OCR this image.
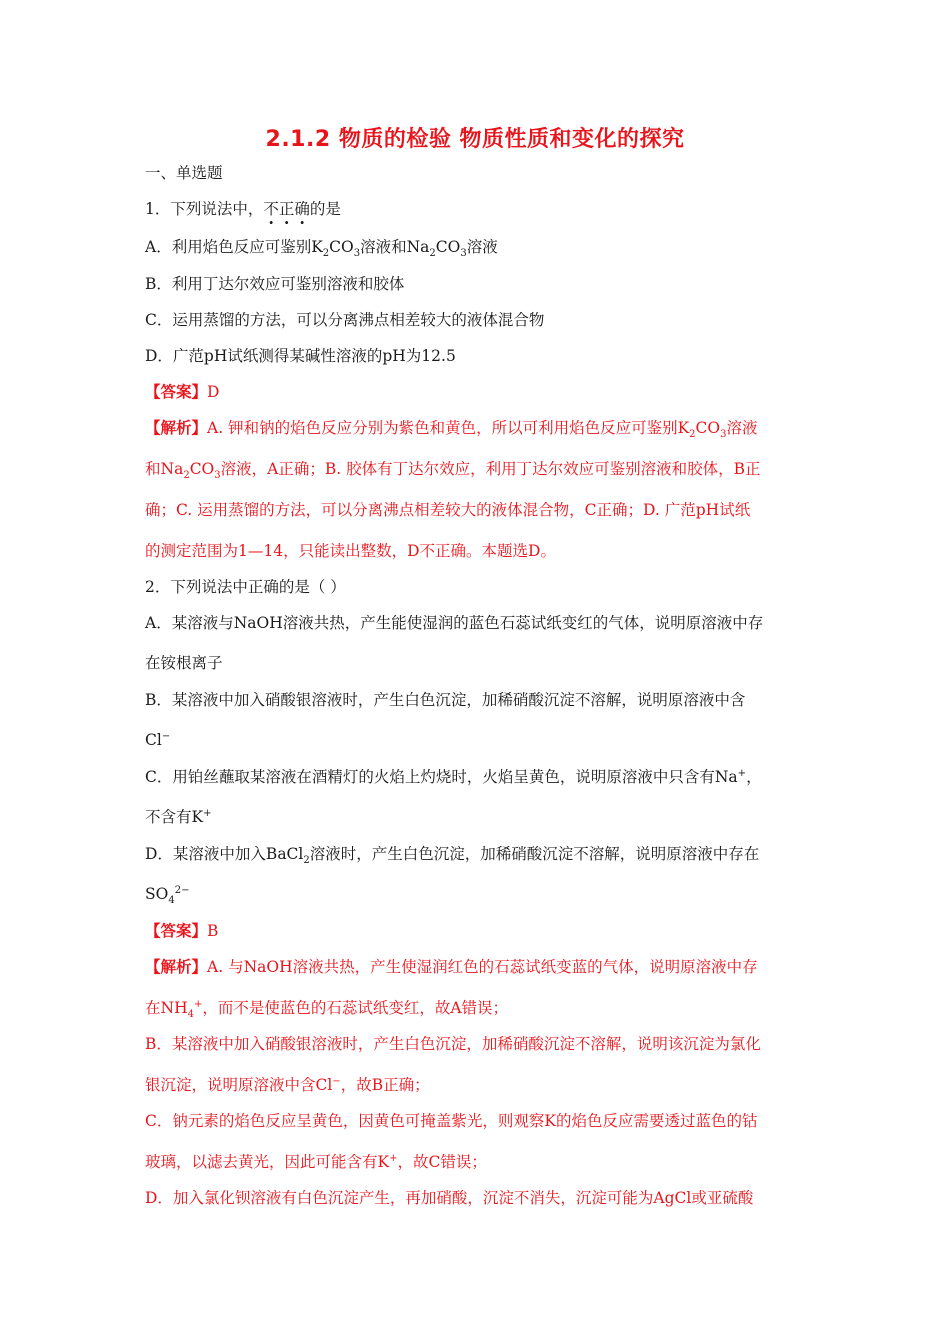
2.1.2 物质的检验 物质性质和变化的探究
一、单选题
1．下列说法中，不正确的是
A．利用焰色反应可鉴别$K_2CO_3$溶液和$Na_2CO_3$溶液
B．利用丁达尔效应可鉴别溶液和胶体
C．运用蒸馏的方法，可以分离沸点相差较大的液体混合物
D．广范pH试纸测得某碱性溶液的pH为12.5
【答案】D
【解析】A. 钾和钠的焰色反应分别为紫色和黄色，所以可利用焰色反应可鉴别$K_2CO_3$溶液
和$Na_2CO_3$溶液，A正确；B. 胶体有丁达尔效应，利用丁达尔效应可鉴别溶液和胶体，B正
确；C. 运用蒸馏的方法，可以分离沸点相差较大的液体混合物，C正确；D. 广范pH试纸
的测定范围为1—14，只能读出整数，D不正确。本题选D。
2．下列说法中正确的是（ ）
A．某溶液与NaOH溶液共热，产生能使湿润的蓝色石蕊试纸变红的气体，说明原溶液中存
在铵根离子
B．某溶液中加入硝酸银溶液时，产生白色沉淀，加稀硝酸沉淀不溶解，说明原溶液中含
Cl−
C．用铂丝蘸取某溶液在酒精灯的火焰上灼烧时，火焰呈黄色，说明原溶液中只含有Na+，
不含有K+
D．某溶液中加入BaCl$_2$溶液时，产生白色沉淀，加稀硝酸沉淀不溶解，说明原溶液中存在
$SO_4^{2-}$
【答案】B
【解析】A. 与NaOH溶液共热，产生使湿润红色的石蕊试纸变蓝的气体，说明原溶液中存
在$NH_4^+$，而不是使蓝色的石蕊试纸变红，故A错误；
B．某溶液中加入硝酸银溶液时，产生白色沉淀，加稀硝酸沉淀不溶解，说明该沉淀为氯化
银沉淀，说明原溶液中含Cl−，故B正确；
C．钠元素的焰色反应呈黄色，因黄色可掩盖紫光，则观察K的焰色反应需要透过蓝色的钴
玻璃，以滤去黄光，因此可能含有K+，故C错误；
D．加入氯化钡溶液有白色沉淀产生，再加硝酸，沉淀不消失，沉淀可能为AgCl或亚硫酸
